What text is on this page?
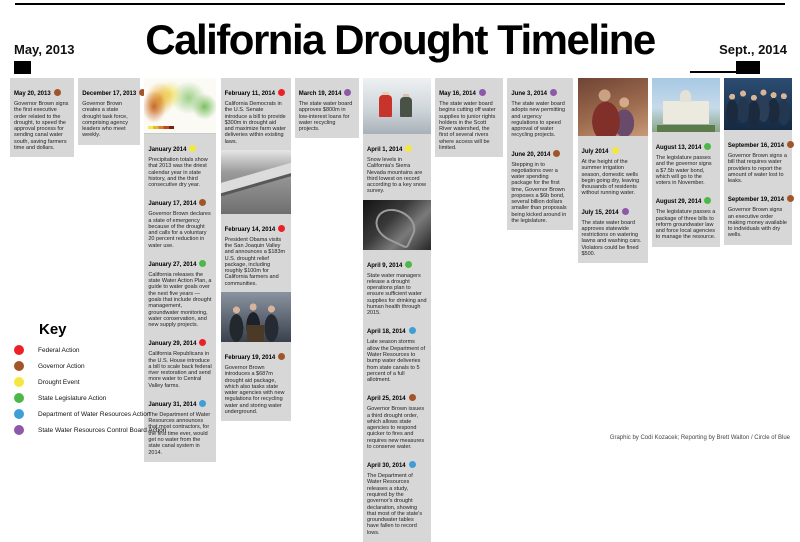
California Drought Timeline
May, 2013	Sept., 2014
May 20, 2013
Governor Brown signs the first executive order related to the drought, to speed the approval process for sending canal water south, saving farmers time and dollars.
December 17, 2013
Governor Brown creates a state drought task force, comprising agency leaders who meet weekly.
January 2014
Precipitation totals show that 2013 was the driest calendar year in state history, and the third consecutive dry year.
January 17, 2014
Governor Brown declares a state of emergency because of the drought and calls for a voluntary 20 percent reduction in water use.
January 27, 2014
California releases the state Water Action Plan, a guide to water goals over the next five years — goals that include drought management, groundwater monitoring, water conservation, and new supply projects.
January 29, 2014
California Republicans in the U.S. House introduce a bill to scale back federal river restoration and send more water to Central Valley farms.
January 31, 2014
The Department of Water Resources announces that most contractors, for the first time ever, would get no water from the state canal system in 2014.
February 11, 2014
California Democrats in the U.S. Senate introduce a bill to provide $300m in drought aid and maximize farm water deliveries within existing laws.
February 14, 2014
President Obama visits the San Joaquin Valley and announces a $183m U.S. drought relief package, including roughly $100m for California farmers and communities.
February 19, 2014
Governor Brown introduces a $687m drought aid package, which also tasks state water agencies with new regulations for recycling water and storing water underground.
March 19, 2014
The state water board approves $800m in low-interest loans for water recycling projects.
April 1, 2014
Snow levels in California's Sierra Nevada mountains are third lowest on record according to a key snow survey.
April 9, 2014
State water managers release a drought operations plan to ensure sufficient water supplies for drinking and human health through 2015.
April 18, 2014
Late season storms allow the Department of Water Resources to bump water deliveries from state canals to 5 percent of a full allotment.
April 25, 2014
Governor Brown issues a third drought order, which allows state agencies to respond quicker to fires and requires new measures to conserve water.
April 30, 2014
The Department of Water Resources releases a study, required by the governor's drought declaration, showing that most of the state's groundwater tables have fallen to record lows.
May 16, 2014
The state water board begins cutting off water supplies to junior rights holders in the Scott River watershed, the first of several rivers where access will be limited.
June 3, 2014
The state water board adopts new permitting and urgency regulations to speed approval of water recycling projects.
June 20, 2014
Stepping in to negotiations over a water spending package for the first time, Governor Brown proposes a $6b bond, several billion dollars smaller than proposals being kicked around in the legislature.
July 2014
At the height of the summer irrigation season, domestic wells begin going dry, leaving thousands of residents without running water.
July 15, 2014
The state water board approves statewide restrictions on watering lawns and washing cars. Violators could be fined $500.
August 13, 2014
The legislature passes and the governor signs a $7.5b water bond, which will go to the voters in November.
August 29, 2014
The legislature passes a package of three bills to reform groundwater law and force local agencies to manage the resource.
September 16, 2014
Governor Brown signs a bill that requires water providers to report the amount of water lost to leaks.
September 19, 2014
Governor Brown signs an executive order making money available to individuals with dry wells.
Key
Federal Action
Governor Action
Drought Event
State Legislature Action
Department of Water Resources Action
State Water Resources Control Board Action
Graphic by Codi Kozacek; Reporting by Brett Walton / Circle of Blue
